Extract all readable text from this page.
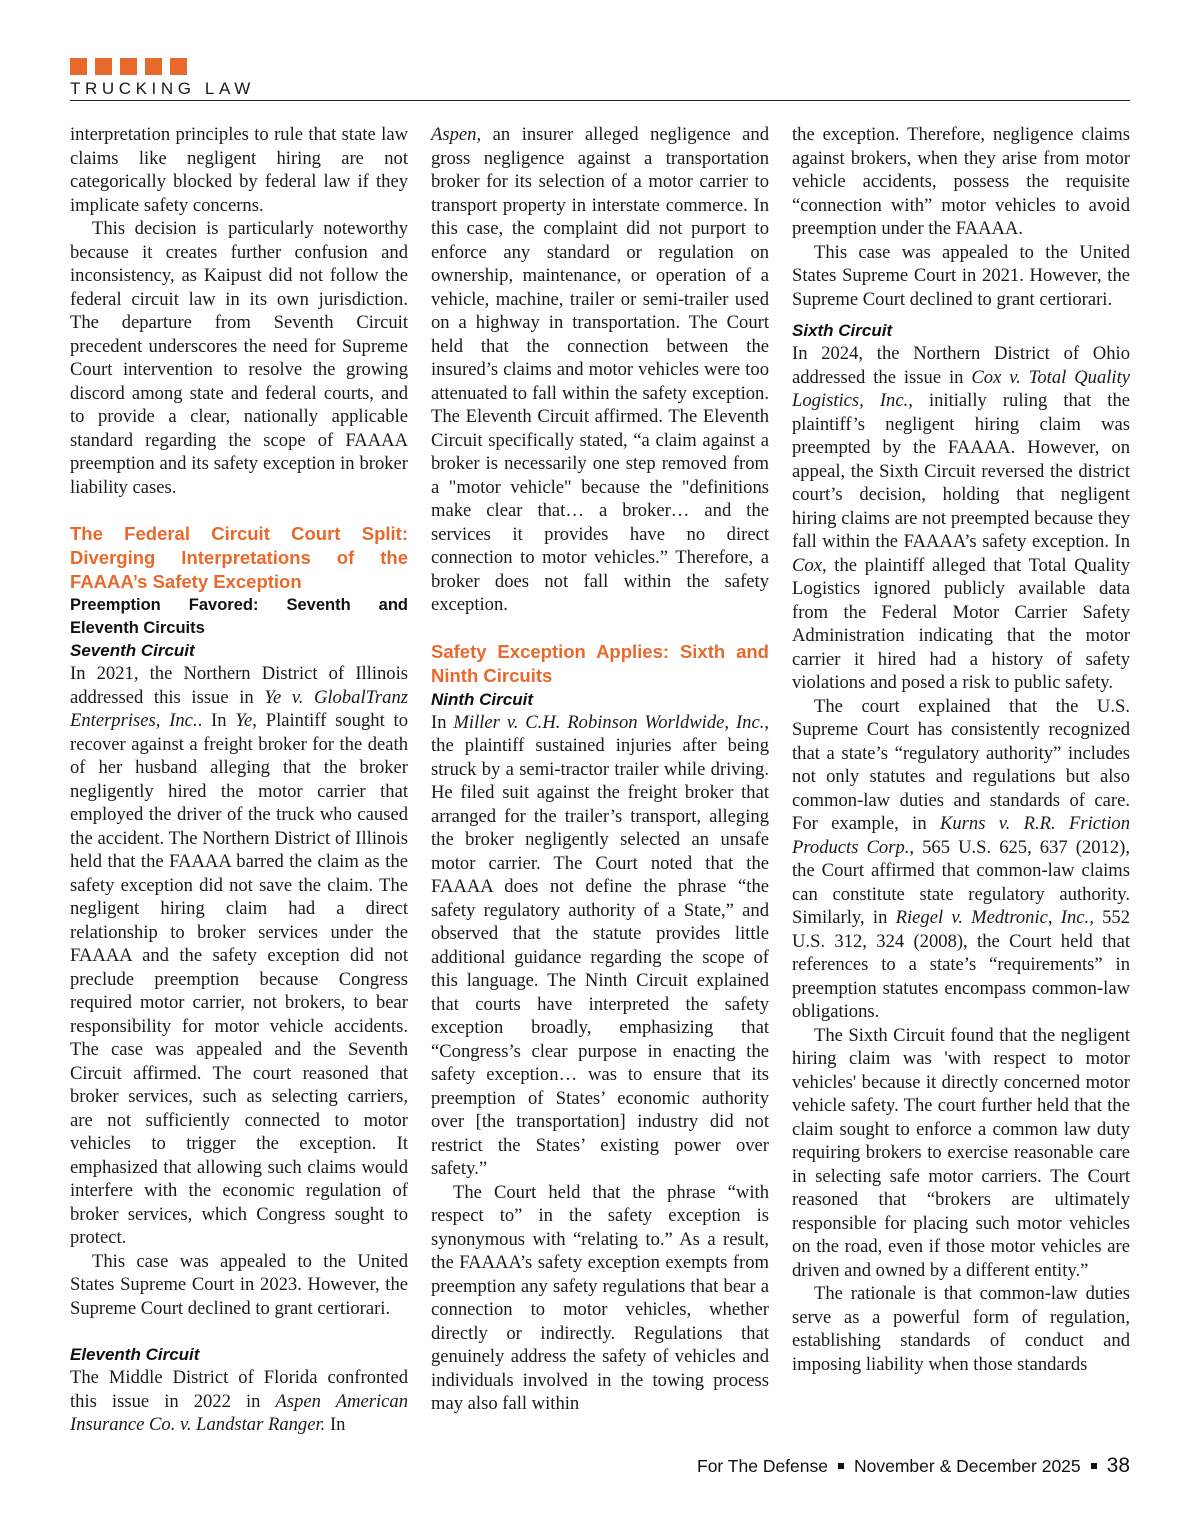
TRUCKING LAW

interpretation principles to rule that state law claims like negligent hiring are not categorically blocked by federal law if they implicate safety concerns.

This decision is particularly noteworthy because it creates further confusion and inconsistency, as Kaipust did not follow the federal circuit law in its own jurisdiction. The departure from Seventh Circuit precedent underscores the need for Supreme Court intervention to resolve the growing discord among state and federal courts, and to provide a clear, nationally applicable standard regarding the scope of FAAAA preemption and its safety exception in broker liability cases.

The Federal Circuit Court Split: Diverging Interpretations of the FAAAA’s Safety Exception

Preemption Favored: Seventh and Eleventh Circuits

Seventh Circuit

In 2021, the Northern District of Illinois addressed this issue in Ye v. GlobalTranz Enterprises, Inc.. In Ye, Plaintiff sought to recover against a freight broker for the death of her husband alleging that the broker negligently hired the motor carrier that employed the driver of the truck who caused the accident. The Northern District of Illinois held that the FAAAA barred the claim as the safety exception did not save the claim. The negligent hiring claim had a direct relationship to broker services under the FAAAA and the safety exception did not preclude preemption because Congress required motor carrier, not brokers, to bear responsibility for motor vehicle accidents. The case was appealed and the Seventh Circuit affirmed. The court reasoned that broker services, such as selecting carriers, are not sufficiently connected to motor vehicles to trigger the exception. It emphasized that allowing such claims would interfere with the economic regulation of broker services, which Congress sought to protect.

This case was appealed to the United States Supreme Court in 2023. However, the Supreme Court declined to grant certiorari.

Eleventh Circuit

The Middle District of Florida confronted this issue in 2022 in Aspen American Insurance Co. v. Landstar Ranger. In

Aspen, an insurer alleged negligence and gross negligence against a transportation broker for its selection of a motor carrier to transport property in interstate commerce. In this case, the complaint did not purport to enforce any standard or regulation on ownership, maintenance, or operation of a vehicle, machine, trailer or semi-trailer used on a highway in transportation. The Court held that the connection between the insured’s claims and motor vehicles were too attenuated to fall within the safety exception. The Eleventh Circuit affirmed. The Eleventh Circuit specifically stated, “a claim against a broker is necessarily one step removed from a "motor vehicle" because the "definitions make clear that… a broker… and the services it provides have no direct connection to motor vehicles.” Therefore, a broker does not fall within the safety exception.

Safety Exception Applies: Sixth and Ninth Circuits

Ninth Circuit

In Miller v. C.H. Robinson Worldwide, Inc., the plaintiff sustained injuries after being struck by a semi-tractor trailer while driving. He filed suit against the freight broker that arranged for the trailer’s transport, alleging the broker negligently selected an unsafe motor carrier. The Court noted that the FAAAA does not define the phrase “the safety regulatory authority of a State,” and observed that the statute provides little additional guidance regarding the scope of this language. The Ninth Circuit explained that courts have interpreted the safety exception broadly, emphasizing that “Congress’s clear purpose in enacting the safety exception… was to ensure that its preemption of States’ economic authority over [the transportation] industry did not restrict the States’ existing power over safety.”

The Court held that the phrase “with respect to” in the safety exception is synonymous with “relating to.” As a result, the FAAAA’s safety exception exempts from preemption any safety regulations that bear a connection to motor vehicles, whether directly or indirectly. Regulations that genuinely address the safety of vehicles and individuals involved in the towing process may also fall within

the exception. Therefore, negligence claims against brokers, when they arise from motor vehicle accidents, possess the requisite “connection with” motor vehicles to avoid preemption under the FAAAA.

This case was appealed to the United States Supreme Court in 2021. However, the Supreme Court declined to grant certiorari.

Sixth Circuit

In 2024, the Northern District of Ohio addressed the issue in Cox v. Total Quality Logistics, Inc., initially ruling that the plaintiff’s negligent hiring claim was preempted by the FAAAA. However, on appeal, the Sixth Circuit reversed the district court’s decision, holding that negligent hiring claims are not preempted because they fall within the FAAAA’s safety exception. In Cox, the plaintiff alleged that Total Quality Logistics ignored publicly available data from the Federal Motor Carrier Safety Administration indicating that the motor carrier it hired had a history of safety violations and posed a risk to public safety.

The court explained that the U.S. Supreme Court has consistently recognized that a state’s “regulatory authority” includes not only statutes and regulations but also common-law duties and standards of care. For example, in Kurns v. R.R. Friction Products Corp., 565 U.S. 625, 637 (2012), the Court affirmed that common-law claims can constitute state regulatory authority. Similarly, in Riegel v. Medtronic, Inc., 552 U.S. 312, 324 (2008), the Court held that references to a state’s “requirements” in preemption statutes encompass common-law obligations.

The Sixth Circuit found that the negligent hiring claim was 'with respect to motor vehicles' because it directly concerned motor vehicle safety. The court further held that the claim sought to enforce a common law duty requiring brokers to exercise reasonable care in selecting safe motor carriers. The Court reasoned that “brokers are ultimately responsible for placing such motor vehicles on the road, even if those motor vehicles are driven and owned by a different entity.”

The rationale is that common-law duties serve as a powerful form of regulation, establishing standards of conduct and imposing liability when those standards

For The Defense November & December 2025 38
